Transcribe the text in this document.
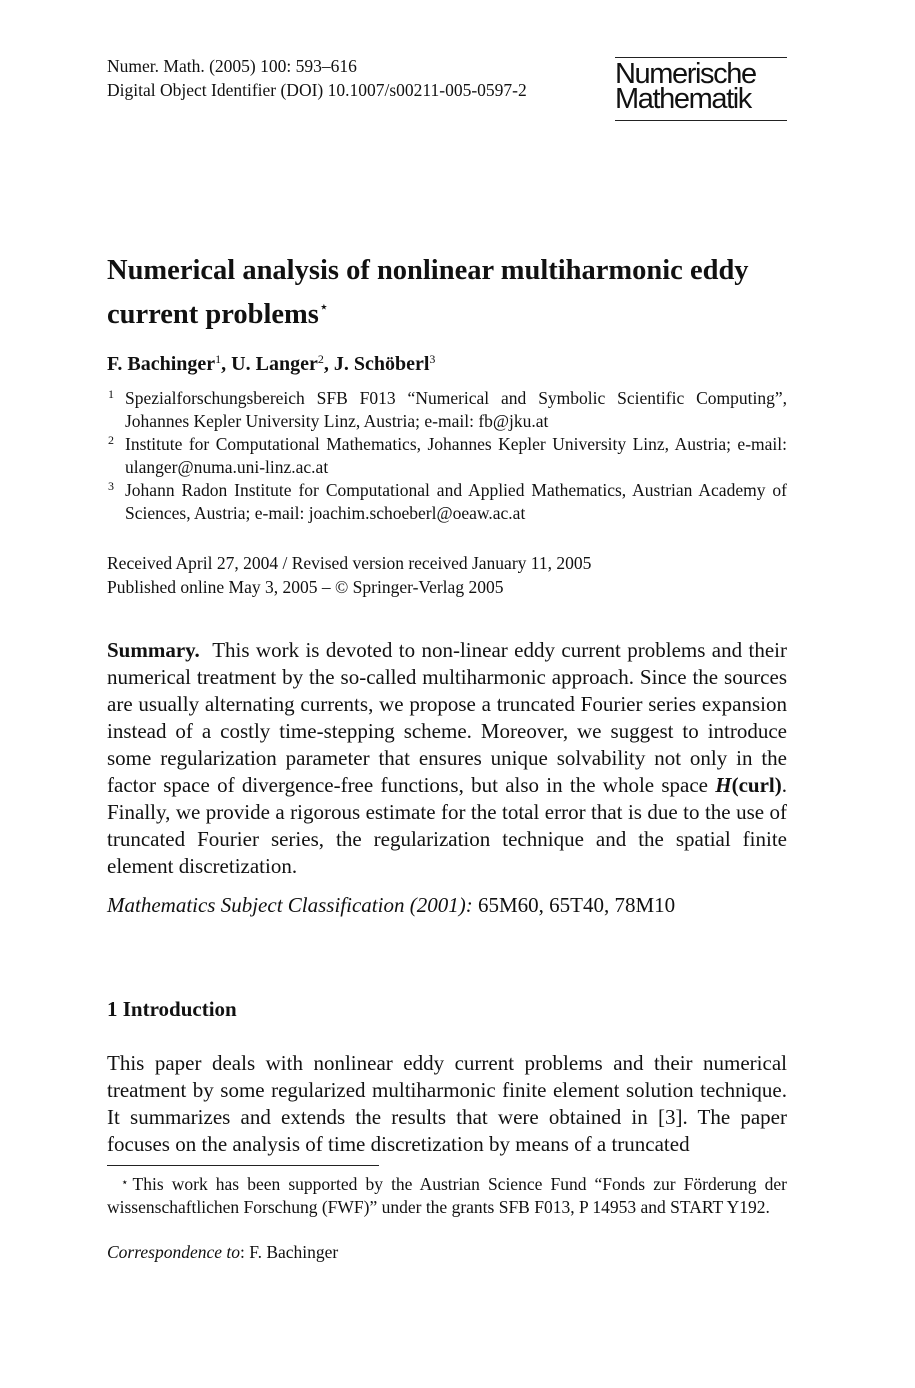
Numer. Math. (2005) 100: 593–616
Digital Object Identifier (DOI) 10.1007/s00211-005-0597-2	Numerische
Mathematik
Numerical analysis of nonlinear multiharmonic eddy current problems⋆
F. Bachinger$^1$, U. Langer$^2$, J. Schöberl$^3$
1 Spezialforschungsbereich SFB F013 “Numerical and Symbolic Scientific Computing”, Johannes Kepler University Linz, Austria; e-mail: fb@jku.at
2 Institute for Computational Mathematics, Johannes Kepler University Linz, Austria; e-mail: ulanger@numa.uni-linz.ac.at
3 Johann Radon Institute for Computational and Applied Mathematics, Austrian Academy of Sciences, Austria; e-mail: joachim.schoeberl@oeaw.ac.at
Received April 27, 2004 / Revised version received January 11, 2005
Published online May 3, 2005 – © Springer-Verlag 2005

Summary. This work is devoted to non-linear eddy current problems and their numerical treatment by the so-called multiharmonic approach. Since the sources are usually alternating currents, we propose a truncated Fourier series expansion instead of a costly time-stepping scheme. Moreover, we suggest to introduce some regularization parameter that ensures unique solvability not only in the factor space of divergence-free functions, but also in the whole space H(curl). Finally, we provide a rigorous estimate for the total error that is due to the use of truncated Fourier series, the regularization technique and the spatial finite element discretization.

Mathematics Subject Classification (2001): 65M60, 65T40, 78M10
1 Introduction

This paper deals with nonlinear eddy current problems and their numerical treatment by some regularized multiharmonic finite element solution technique. It summarizes and extends the results that were obtained in [3]. The paper focuses on the analysis of time discretization by means of a truncated

⋆ This work has been supported by the Austrian Science Fund “Fonds zur Förderung der wissenschaftlichen Forschung (FWF)” under the grants SFB F013, P 14953 and START Y192.

Correspondence to: F. Bachinger
